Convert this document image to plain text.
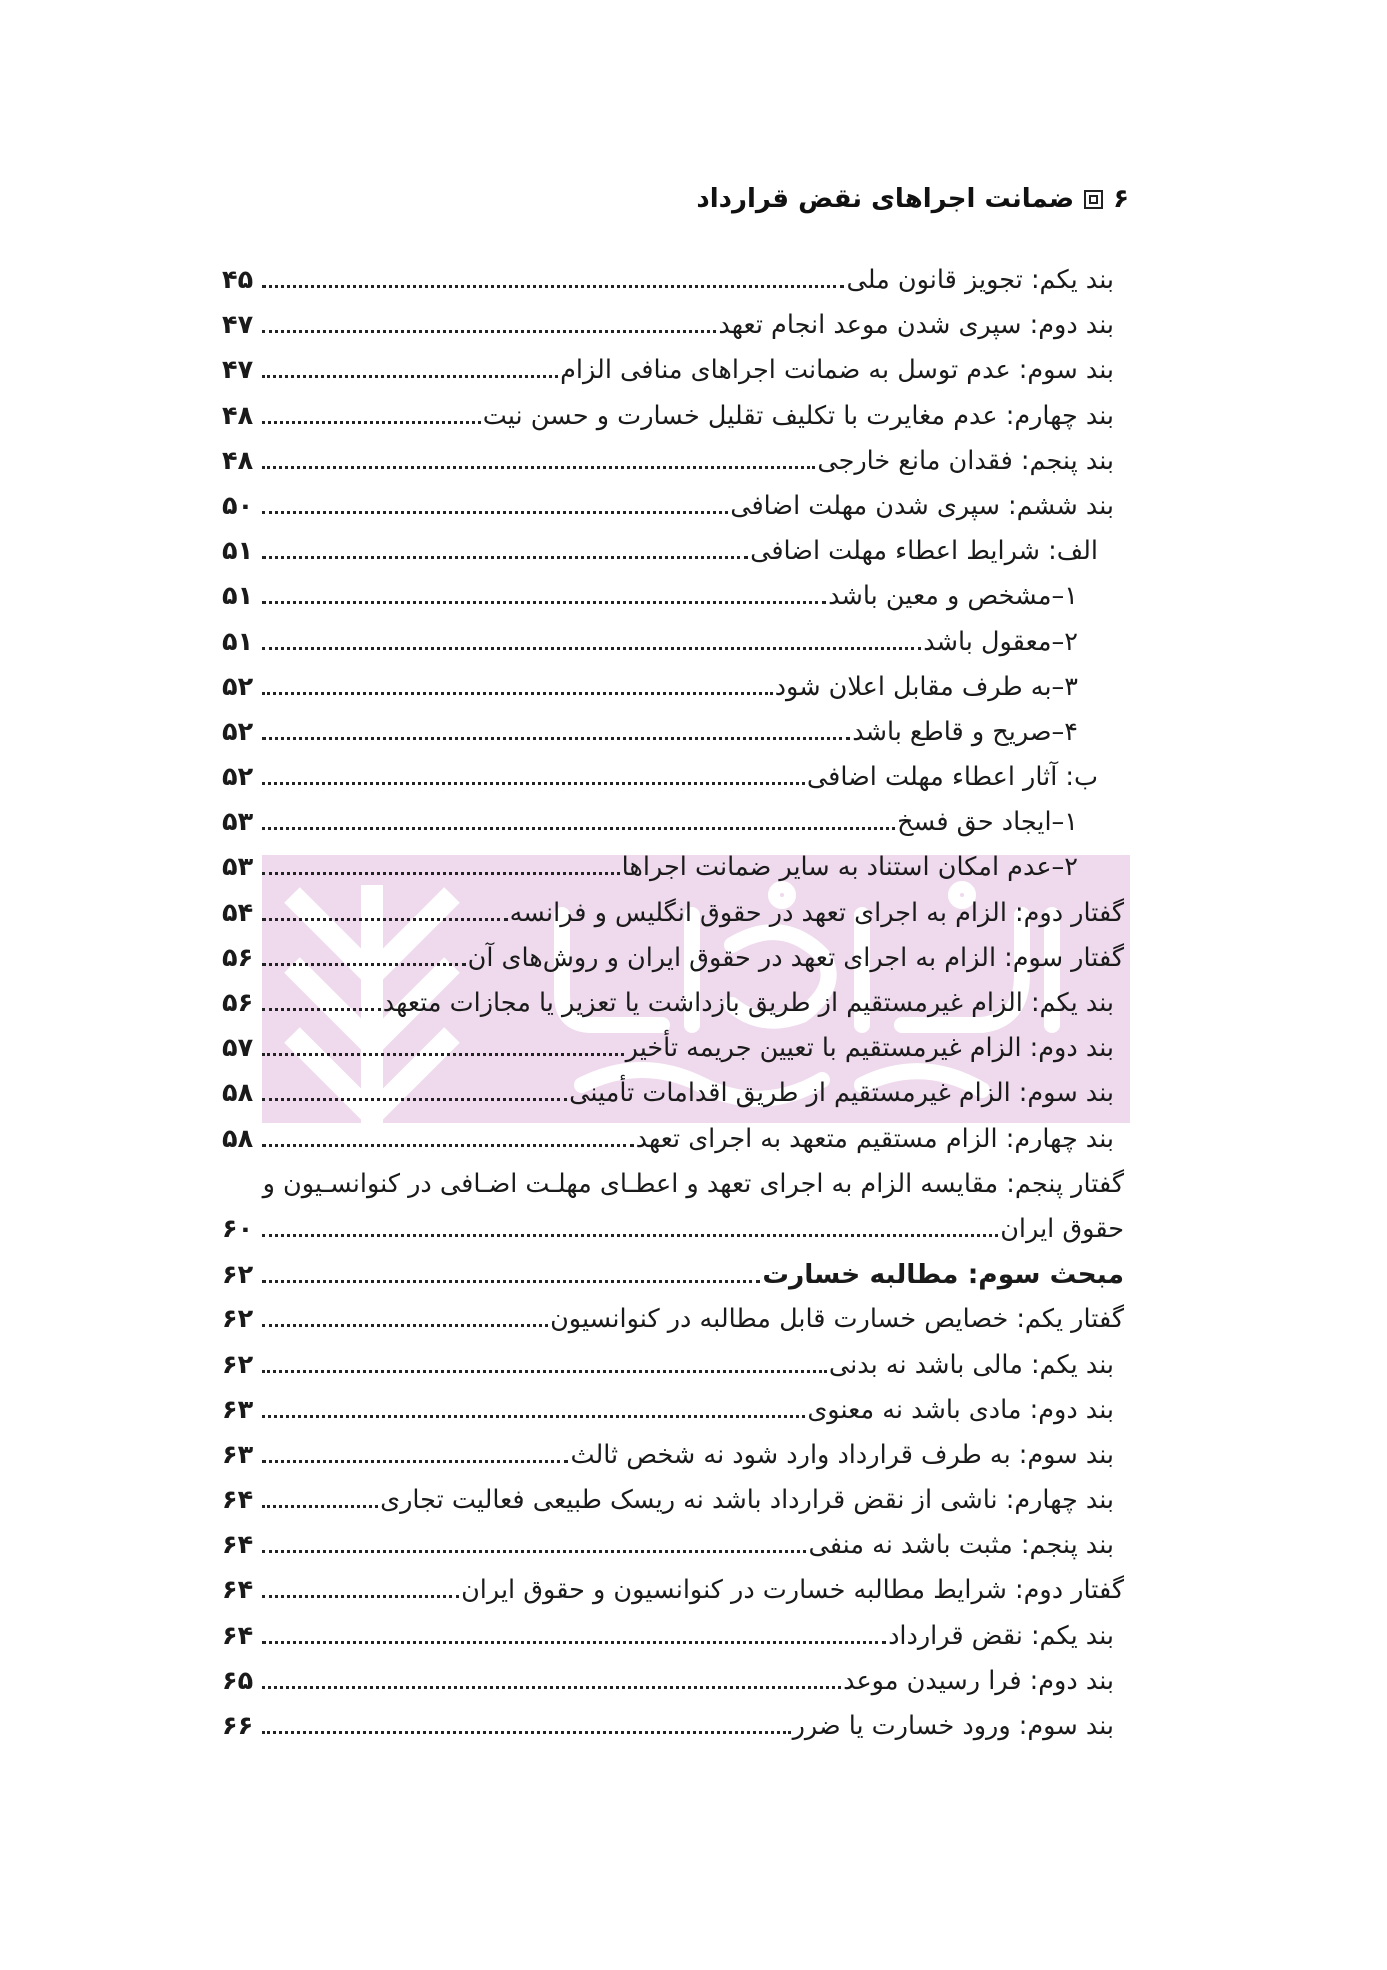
۶
ضمانت اجراهای نقض قرارداد
بند یکم: تجویز قانون ملی
۴۵
بند دوم: سپری شدن موعد انجام تعهد
۴۷
بند سوم: عدم توسل به ضمانت اجراهای منافی الزام
۴۷
بند چهارم: عدم مغایرت با تکلیف تقلیل خسارت و حسن نیت
۴۸
بند پنجم: فقدان مانع خارجی
۴۸
بند ششم: سپری شدن مهلت اضافی
۵۰
الف: شرایط اعطاء مهلت اضافی
۵۱
۱–مشخص و معین باشد
۵۱
۲–معقول باشد
۵۱
۳–به طرف مقابل اعلان شود
۵۲
۴–صریح و قاطع باشد
۵۲
ب: آثار اعطاء مهلت اضافی
۵۲
۱–ایجاد حق فسخ
۵۳
۲–عدم امکان استناد به سایر ضمانت اجراها
۵۳
گفتار دوم: الزام به اجرای تعهد در حقوق انگلیس و فرانسه
۵۴
گفتار سوم: الزام به اجرای تعهد در حقوق ایران و روش‌های آن
۵۶
بند یکم: الزام غیرمستقیم از طریق بازداشت یا تعزیر یا مجازات متعهد
۵۶
بند دوم: الزام غیرمستقیم با تعیین جریمه تأخیر
۵۷
بند سوم: الزام غیرمستقیم از طریق اقدامات تأمینی
۵۸
بند چهارم: الزام مستقیم متعهد به اجرای تعهد
۵۸
گفتار پنجم: مقایسه الزام به اجرای تعهد و اعطـای مهلـت اضـافی در کنوانسـیون و
حقوق ایران
۶۰
مبحث سوم: مطالبه خسارت
۶۲
گفتار یکم: خصایص خسارت قابل مطالبه در کنوانسیون
۶۲
بند یکم: مالی باشد نه بدنی
۶۲
بند دوم: مادی باشد نه معنوی
۶۳
بند سوم: به طرف قرارداد وارد شود نه شخص ثالث
۶۳
بند چهارم: ناشی از نقض قرارداد باشد نه ریسک طبیعی فعالیت تجاری
۶۴
بند پنجم: مثبت باشد نه منفی
۶۴
گفتار دوم: شرایط مطالبه خسارت در کنوانسیون و حقوق ایران
۶۴
بند یکم: نقض قرارداد
۶۴
بند دوم: فرا رسیدن موعد
۶۵
بند سوم: ورود خسارت یا ضرر
۶۶
